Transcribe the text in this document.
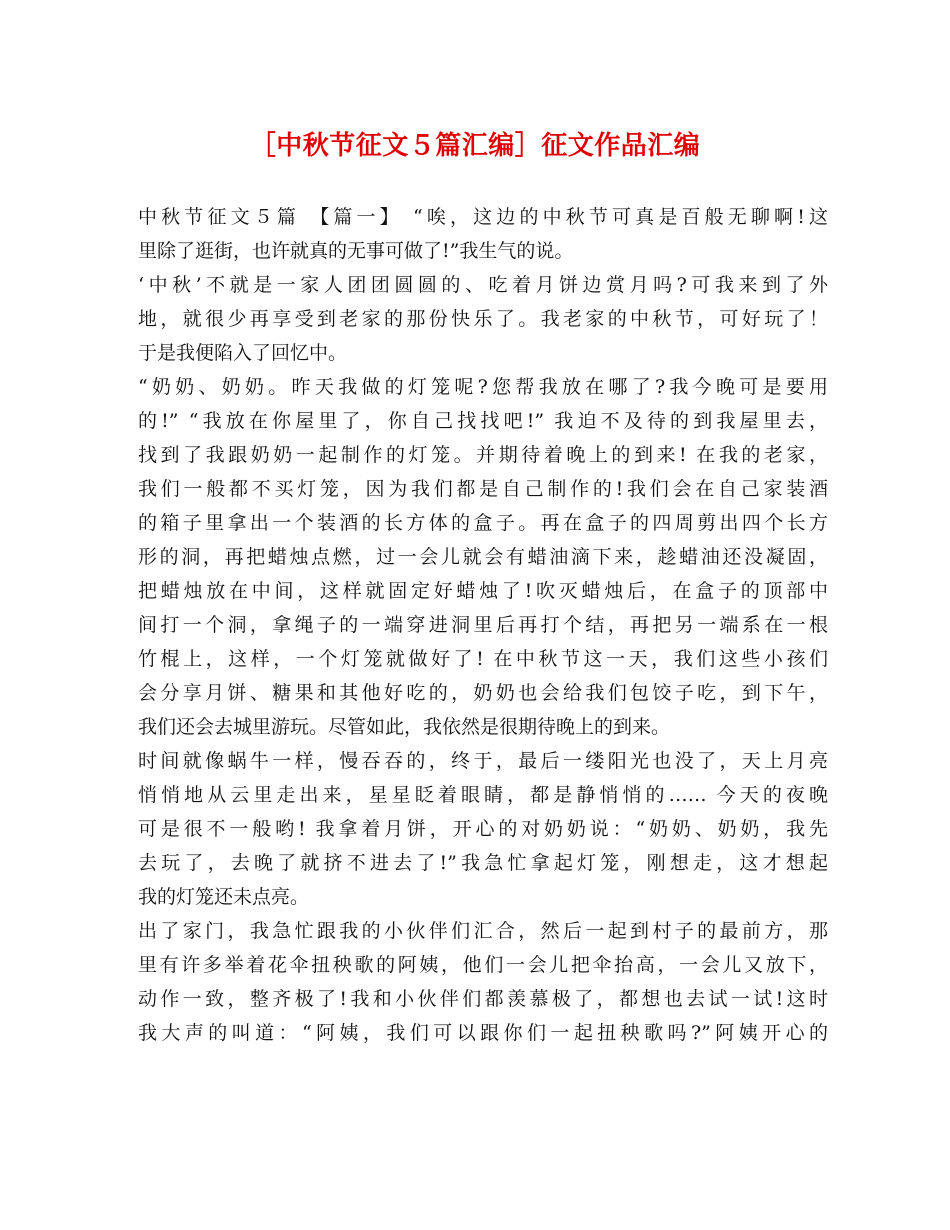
［中秋节征文５篇汇编］征文作品汇编
中秋节征文５篇 【篇一】 “唉，这边的中秋节可真是百般无聊啊!这
里除了逛街，也许就真的无事可做了!”我生气的说。
‘中秋’不就是一家人团团圆圆的、吃着月饼边赏月吗?可我来到了外
地，就很少再享受到老家的那份快乐了。我老家的中秋节，可好玩了！
于是我便陷入了回忆中。
“奶奶、奶奶。昨天我做的灯笼呢?您帮我放在哪了?我今晚可是要用
的!” “我放在你屋里了，你自己找找吧!” 我迫不及待的到我屋里去，
找到了我跟奶奶一起制作的灯笼。并期待着晚上的到来! 在我的老家，
我们一般都不买灯笼，因为我们都是自己制作的!我们会在自己家装酒
的箱子里拿出一个装酒的长方体的盒子。再在盒子的四周剪出四个长方
形的洞，再把蜡烛点燃，过一会儿就会有蜡油滴下来，趁蜡油还没凝固，
把蜡烛放在中间，这样就固定好蜡烛了!吹灭蜡烛后，在盒子的顶部中
间打一个洞，拿绳子的一端穿进洞里后再打个结，再把另一端系在一根
竹棍上，这样，一个灯笼就做好了! 在中秋节这一天，我们这些小孩们
会分享月饼、糖果和其他好吃的，奶奶也会给我们包饺子吃，到下午，
我们还会去城里游玩。尽管如此，我依然是很期待晚上的到来。
时间就像蜗牛一样，慢吞吞的，终于，最后一缕阳光也没了，天上月亮
悄悄地从云里走出来，星星眨着眼睛，都是静悄悄的…… 今天的夜晚
可是很不一般哟! 我拿着月饼，开心的对奶奶说：“奶奶、奶奶，我先
去玩了，去晚了就挤不进去了!”我急忙拿起灯笼，刚想走，这才想起
我的灯笼还未点亮。
出了家门，我急忙跟我的小伙伴们汇合，然后一起到村子的最前方，那
里有许多举着花伞扭秧歌的阿姨，他们一会儿把伞抬高，一会儿又放下，
动作一致，整齐极了!我和小伙伴们都羡慕极了，都想也去试一试!这时
我大声的叫道：“阿姨，我们可以跟你们一起扭秧歌吗?”阿姨开心的
